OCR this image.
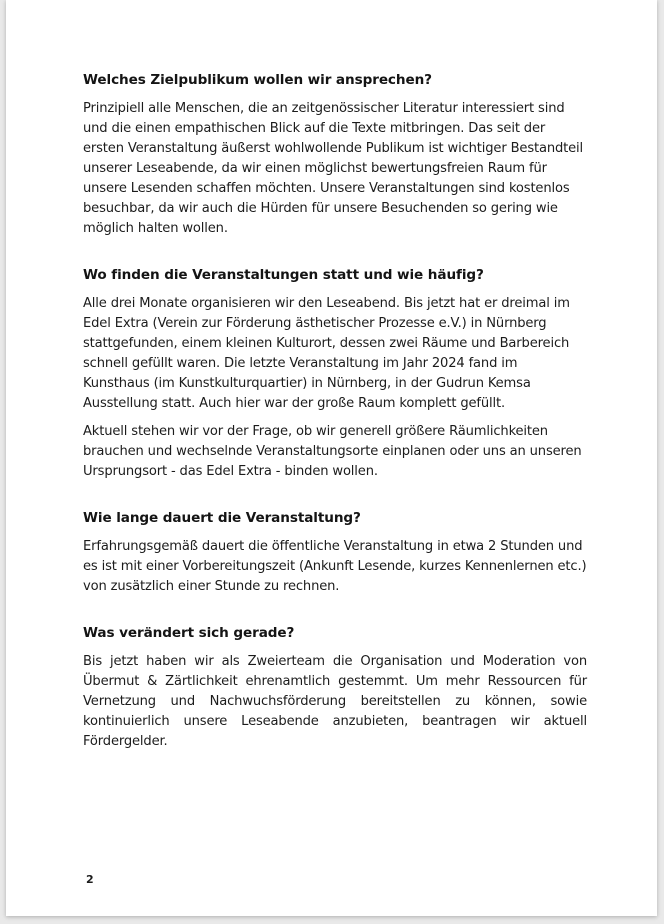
Welches Zielpublikum wollen wir ansprechen?

Prinzipiell alle Menschen, die an zeitgenössischer Literatur interessiert sind und die einen empathischen Blick auf die Texte mitbringen. Das seit der ersten Veranstaltung äußerst wohlwollende Publikum ist wichtiger Bestandteil unserer Leseabende, da wir einen möglichst bewertungsfreien Raum für unsere Lesenden schaffen möchten. Unsere Veranstaltungen sind kostenlos besuchbar, da wir auch die Hürden für unsere Besuchenden so gering wie möglich halten wollen.

Wo finden die Veranstaltungen statt und wie häufig?

Alle drei Monate organisieren wir den Leseabend. Bis jetzt hat er dreimal im Edel Extra (Verein zur Förderung ästhetischer Prozesse e.V.) in Nürnberg stattgefunden, einem kleinen Kulturort, dessen zwei Räume und Barbereich schnell gefüllt waren. Die letzte Veranstaltung im Jahr 2024 fand im Kunsthaus (im Kunstkulturquartier) in Nürnberg, in der Gudrun Kemsa Ausstellung statt. Auch hier war der große Raum komplett gefüllt.

Aktuell stehen wir vor der Frage, ob wir generell größere Räumlichkeiten brauchen und wechselnde Veranstaltungsorte einplanen oder uns an unseren Ursprungsort - das Edel Extra - binden wollen.

Wie lange dauert die Veranstaltung?

Erfahrungsgemäß dauert die öffentliche Veranstaltung in etwa 2 Stunden und es ist mit einer Vorbereitungszeit (Ankunft Lesende, kurzes Kennenlernen etc.) von zusätzlich einer Stunde zu rechnen.

Was verändert sich gerade?

Bis jetzt haben wir als Zweierteam die Organisation und Moderation von Übermut & Zärtlichkeit ehrenamtlich gestemmt. Um mehr Ressourcen für Vernetzung und Nachwuchsförderung bereitstellen zu können, sowie kontinuierlich unsere Leseabende anzubieten, beantragen wir aktuell Fördergelder.

2
